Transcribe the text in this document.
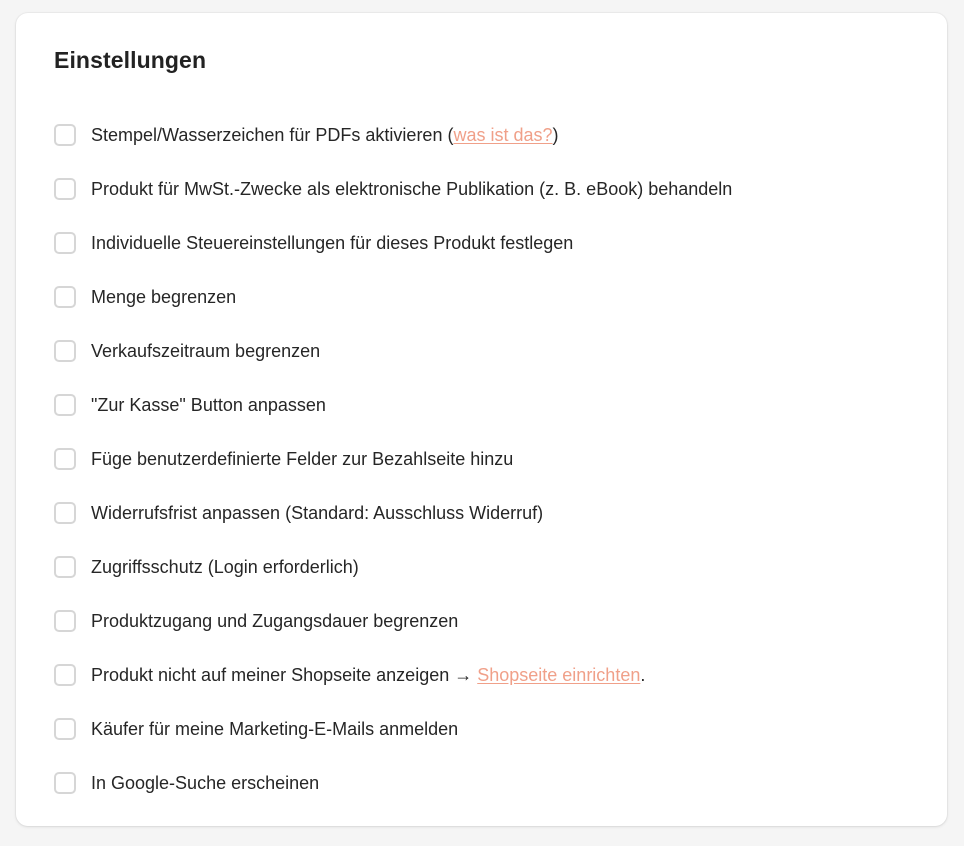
Einstellungen
Stempel/Wasserzeichen für PDFs aktivieren (was ist das?)
Produkt für MwSt.-Zwecke als elektronische Publikation (z. B. eBook) behandeln
Individuelle Steuereinstellungen für dieses Produkt festlegen
Menge begrenzen
Verkaufszeitraum begrenzen
"Zur Kasse" Button anpassen
Füge benutzerdefinierte Felder zur Bezahlseite hinzu
Widerrufsfrist anpassen (Standard: Ausschluss Widerruf)
Zugriffsschutz (Login erforderlich)
Produktzugang und Zugangsdauer begrenzen
Produkt nicht auf meiner Shopseite anzeigen → Shopseite einrichten.
Käufer für meine Marketing-E-Mails anmelden
In Google-Suche erscheinen
